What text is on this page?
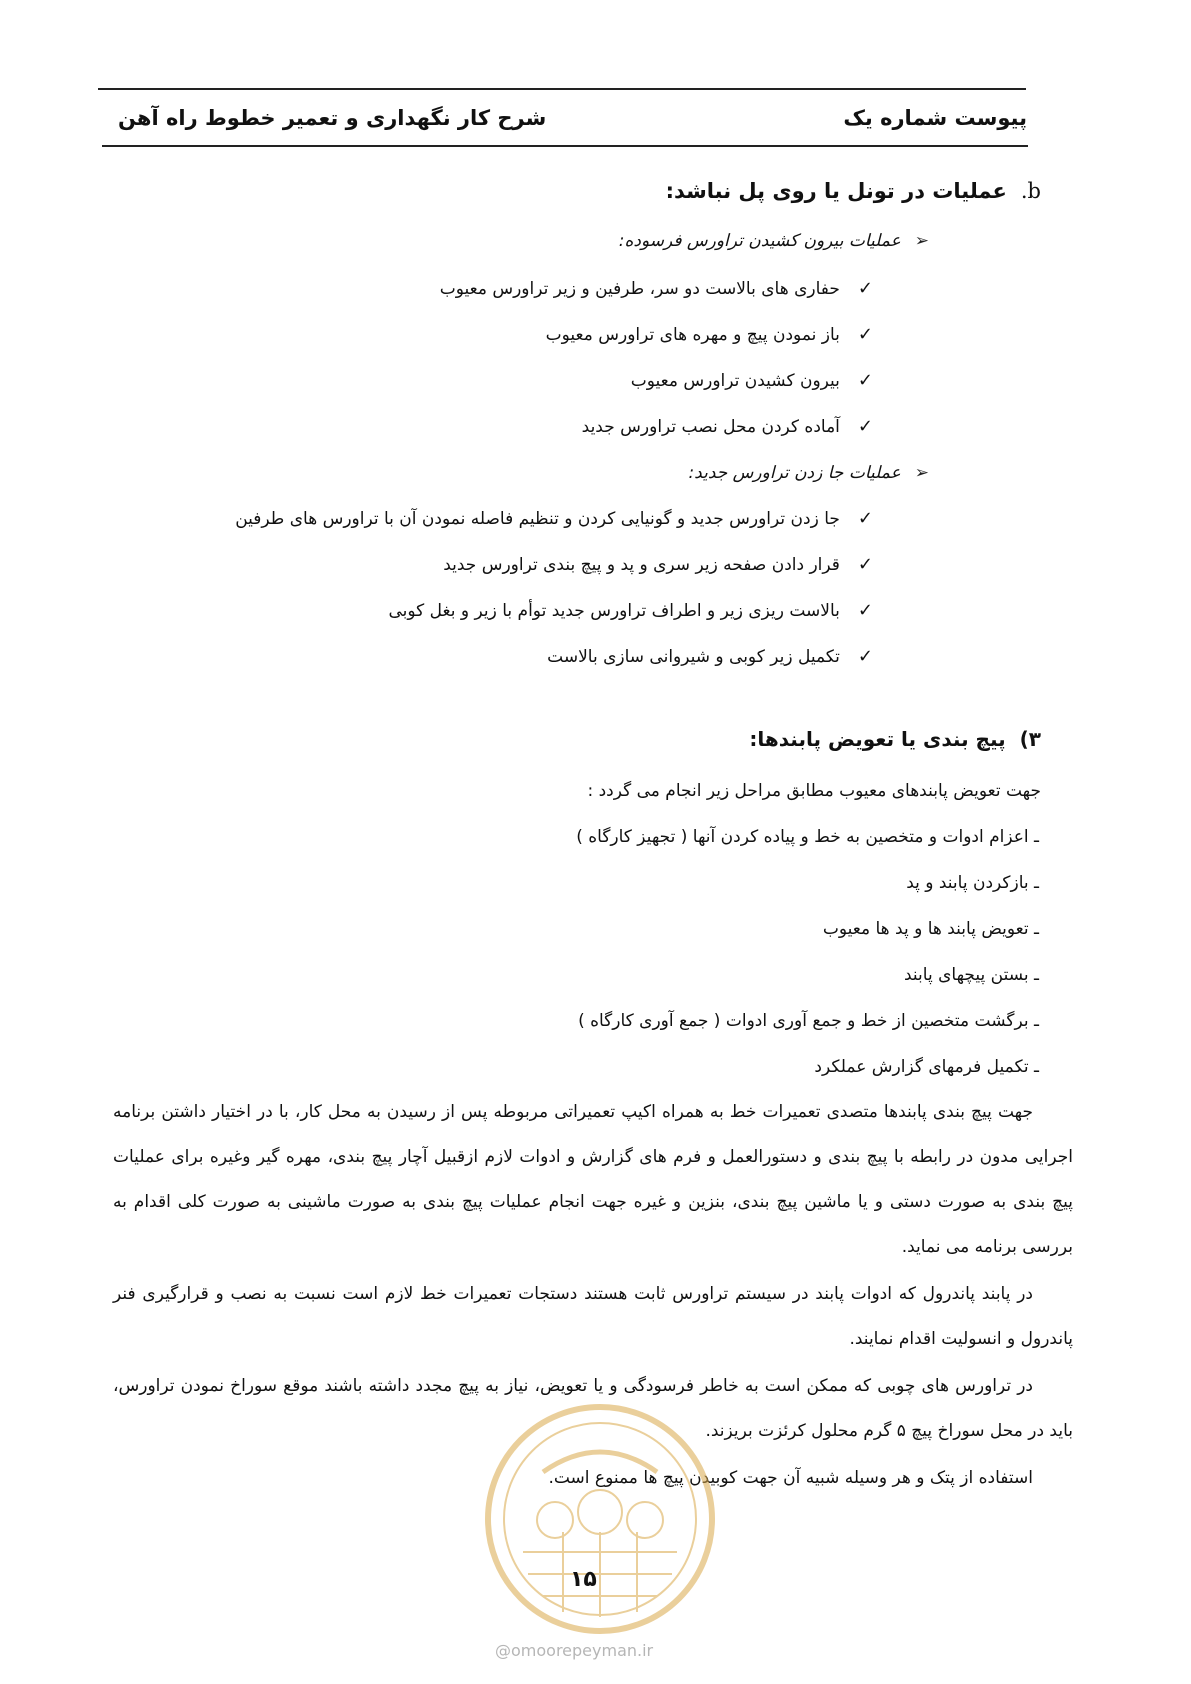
پیوست شماره یک
شرح کار نگهداری و تعمیر خطوط راه آهن
b.عملیات در تونل یا روی پل نباشد:
➢عملیات بیرون کشیدن تراورس فرسوده:
✓حفاری های بالاست دو سر، طرفین و زیر تراورس معیوب
✓باز نمودن پیچ و مهره های تراورس معیوب
✓بیرون کشیدن تراورس معیوب
✓آماده کردن محل نصب تراورس جدید
➢عملیات جا زدن تراورس جدید:
✓جا زدن تراورس جدید و گونیایی کردن و تنظیم فاصله نمودن آن با تراورس های طرفین
✓قرار دادن صفحه زیر سری و پد و پیچ بندی تراورس جدید
✓بالاست ریزی زیر و اطراف تراورس جدید توأم با زیر و بغل کوبی
✓تکمیل زیر کوبی و شیروانی سازی بالاست
۳)پیچ بندی یا تعویض پابندها:
جهت تعویض پابندهای معیوب مطابق مراحل زیر انجام می گردد :
ـ اعزام ادوات و متخصین به خط و پیاده کردن آنها ( تجهیز کارگاه )
ـ بازکردن پابند و پد
ـ تعویض پابند ها و پد ها معیوب
ـ بستن پیچهای پابند
ـ برگشت متخصین از خط و جمع آوری ادوات ( جمع آوری کارگاه )
ـ تکمیل فرمهای گزارش عملکرد
جهت پیچ بندی پابندها متصدی تعمیرات خط به همراه اکیپ تعمیراتی مربوطه پس از رسیدن به محل کار، با در اختیار داشتن برنامه اجرایی مدون در رابطه با پیچ بندی و دستورالعمل و فرم های گزارش و ادوات لازم ازقبیل آچار پیچ بندی، مهره گیر وغیره برای عملیات پیچ بندی به صورت دستی و یا ماشین پیچ بندی، بنزین و غیره جهت انجام عملیات پیچ بندی به صورت ماشینی به صورت کلی اقدام به بررسی برنامه می نماید.
در پابند پاندرول که ادوات پابند در سیستم تراورس ثابت هستند دستجات تعمیرات خط لازم است نسبت به نصب و قرارگیری فنر پاندرول و انسولیت اقدام نمایند.
در تراورس های چوبی که ممکن است به خاطر فرسودگی و یا تعویض، نیاز به پیچ مجدد داشته باشند موقع سوراخ نمودن تراورس، باید در محل سوراخ پیچ ۵ گرم محلول کرئزت بریزند.
استفاده از پتک و هر وسیله شبیه آن جهت کوبیدن پیچ ها ممنوع است.
۱۵
@omoorepeyman.ir
